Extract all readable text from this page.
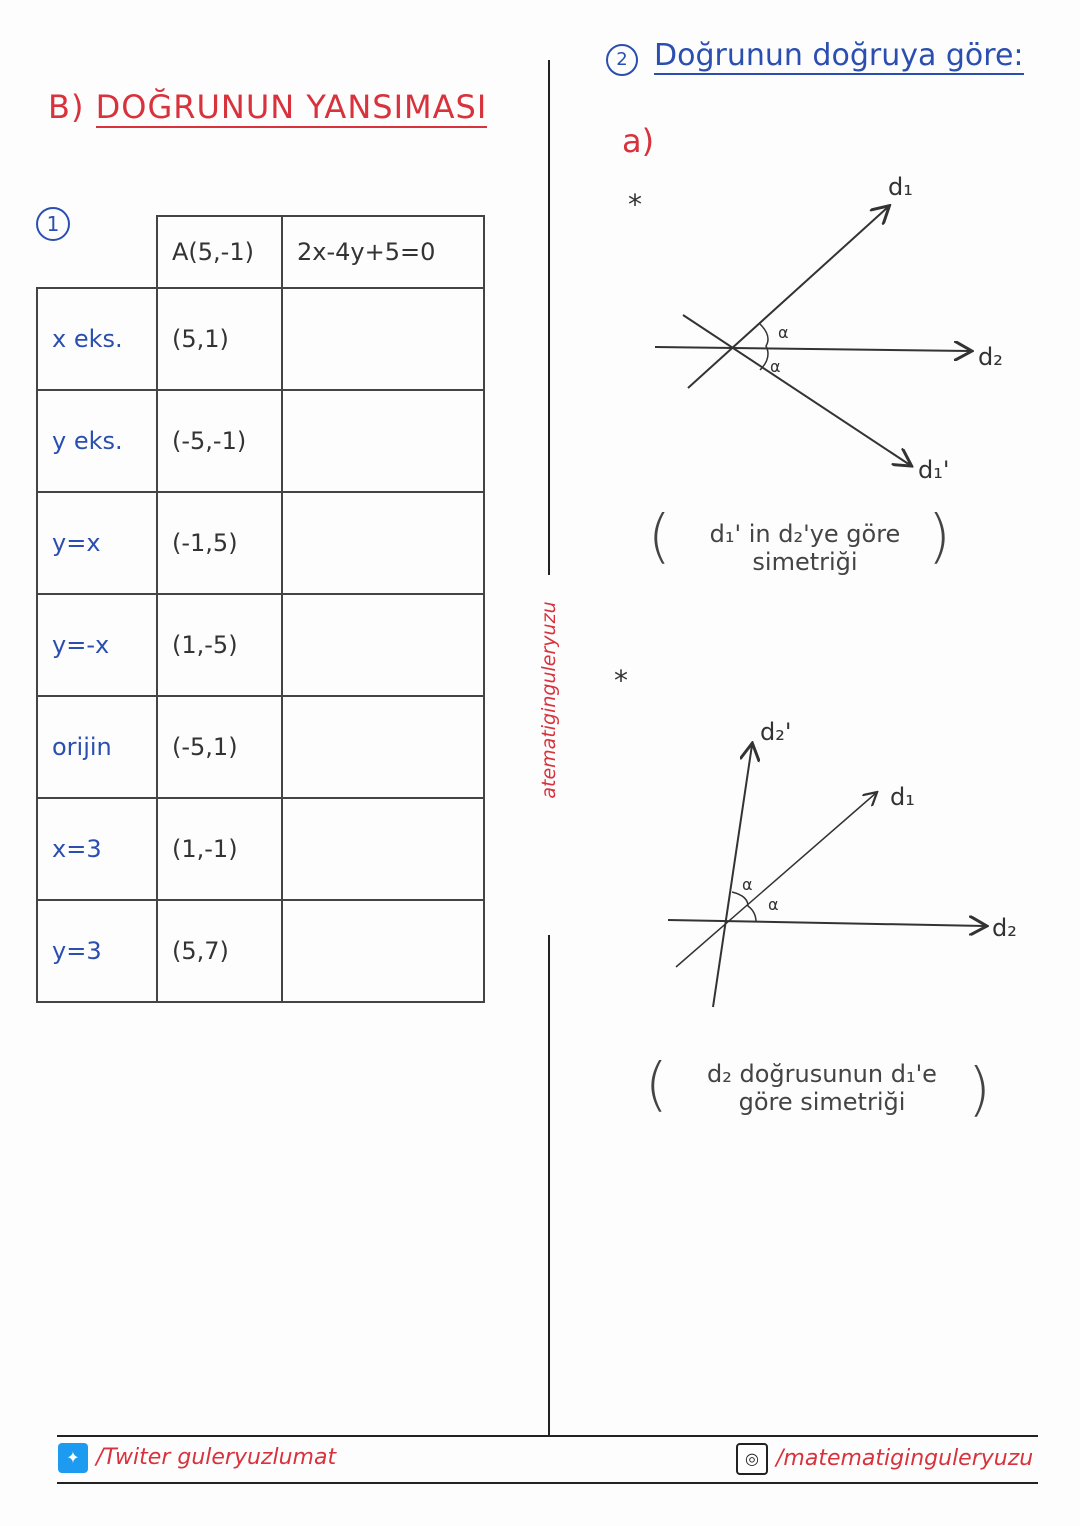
B) DOĞRUNUN YANSIMASI
1
	A(5,-1)	2x-4y+5=0
x eks.	(5,1)	
y eks.	(-5,-1)	
y=x	(-1,5)	
y=-x	(1,-5)	
orijin	(-5,1)	
x=3	(1,-1)	
y=3	(5,7)	
atematiginguleryuzu
2 Doğrunun doğruya göre:
a)
*
*
d₁
d₂
d₁'
α
α
d₂
d₂'
d₁
α
α
(	d₁' in d₂'ye göre
simetriği	)
(	d₂ doğrusunun d₁'e
göre simetriği	)
✦ /Twiter guleryuzlumat	◎ /matematiginguleryuzu
